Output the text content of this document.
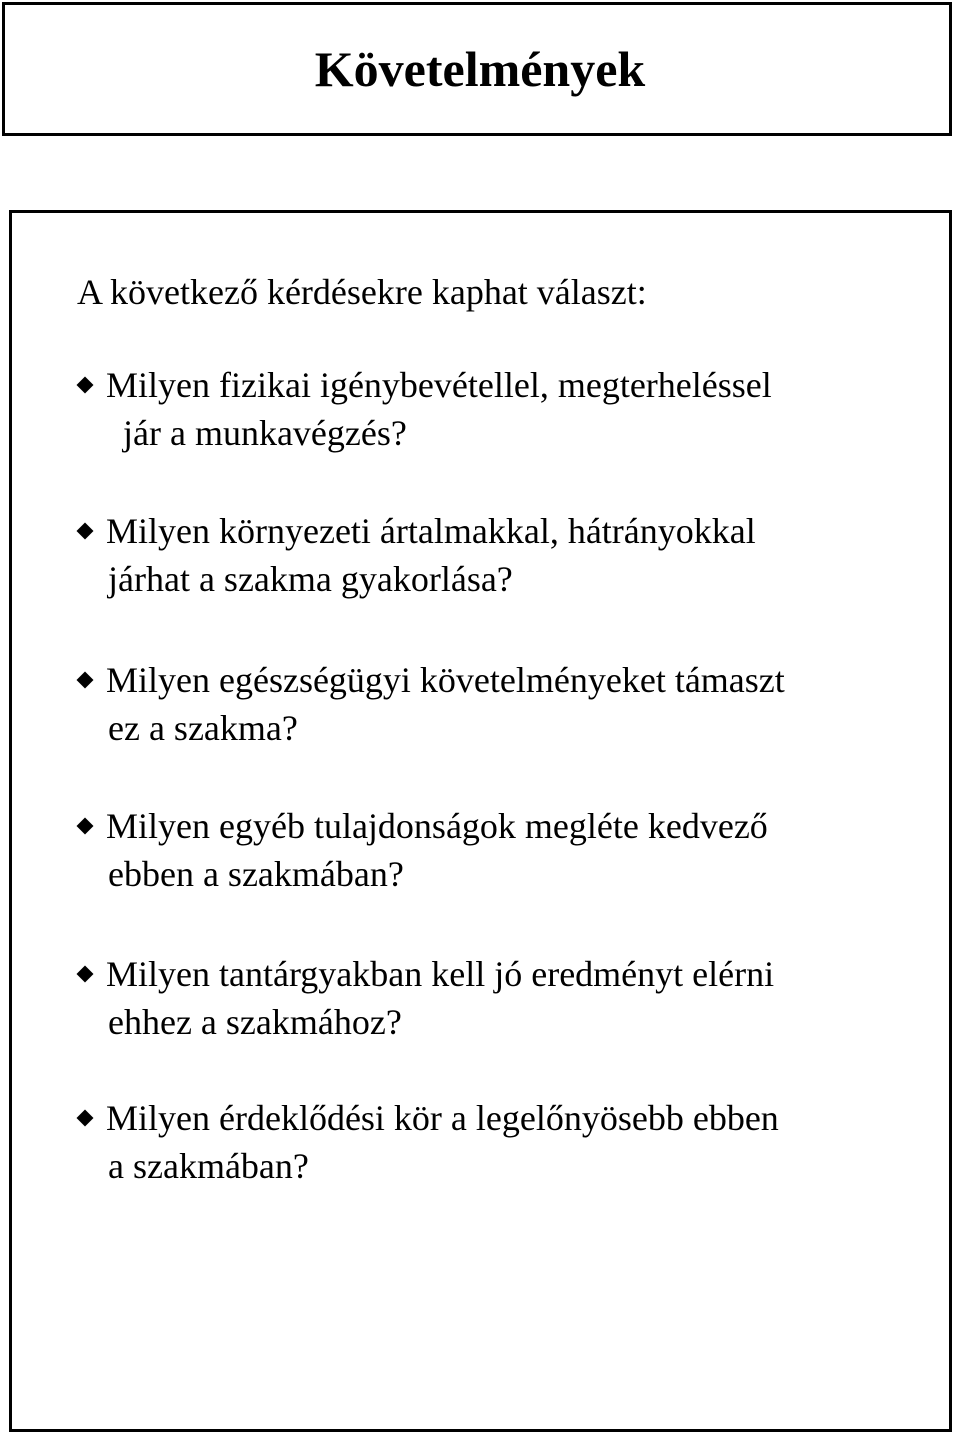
Követelmények

A következő kérdésekre kaphat választ:

Milyen fizikai igénybevétellel, megterheléssel
jár a munkavégzés?
Milyen környezeti ártalmakkal, hátrányokkal
járhat a szakma gyakorlása?
Milyen egészségügyi követelményeket támaszt
ez a szakma?
Milyen egyéb tulajdonságok megléte kedvező
ebben a szakmában?
Milyen tantárgyakban kell jó eredményt elérni
ehhez a szakmához?
Milyen érdeklődési kör a legelőnyösebb ebben
a szakmában?
